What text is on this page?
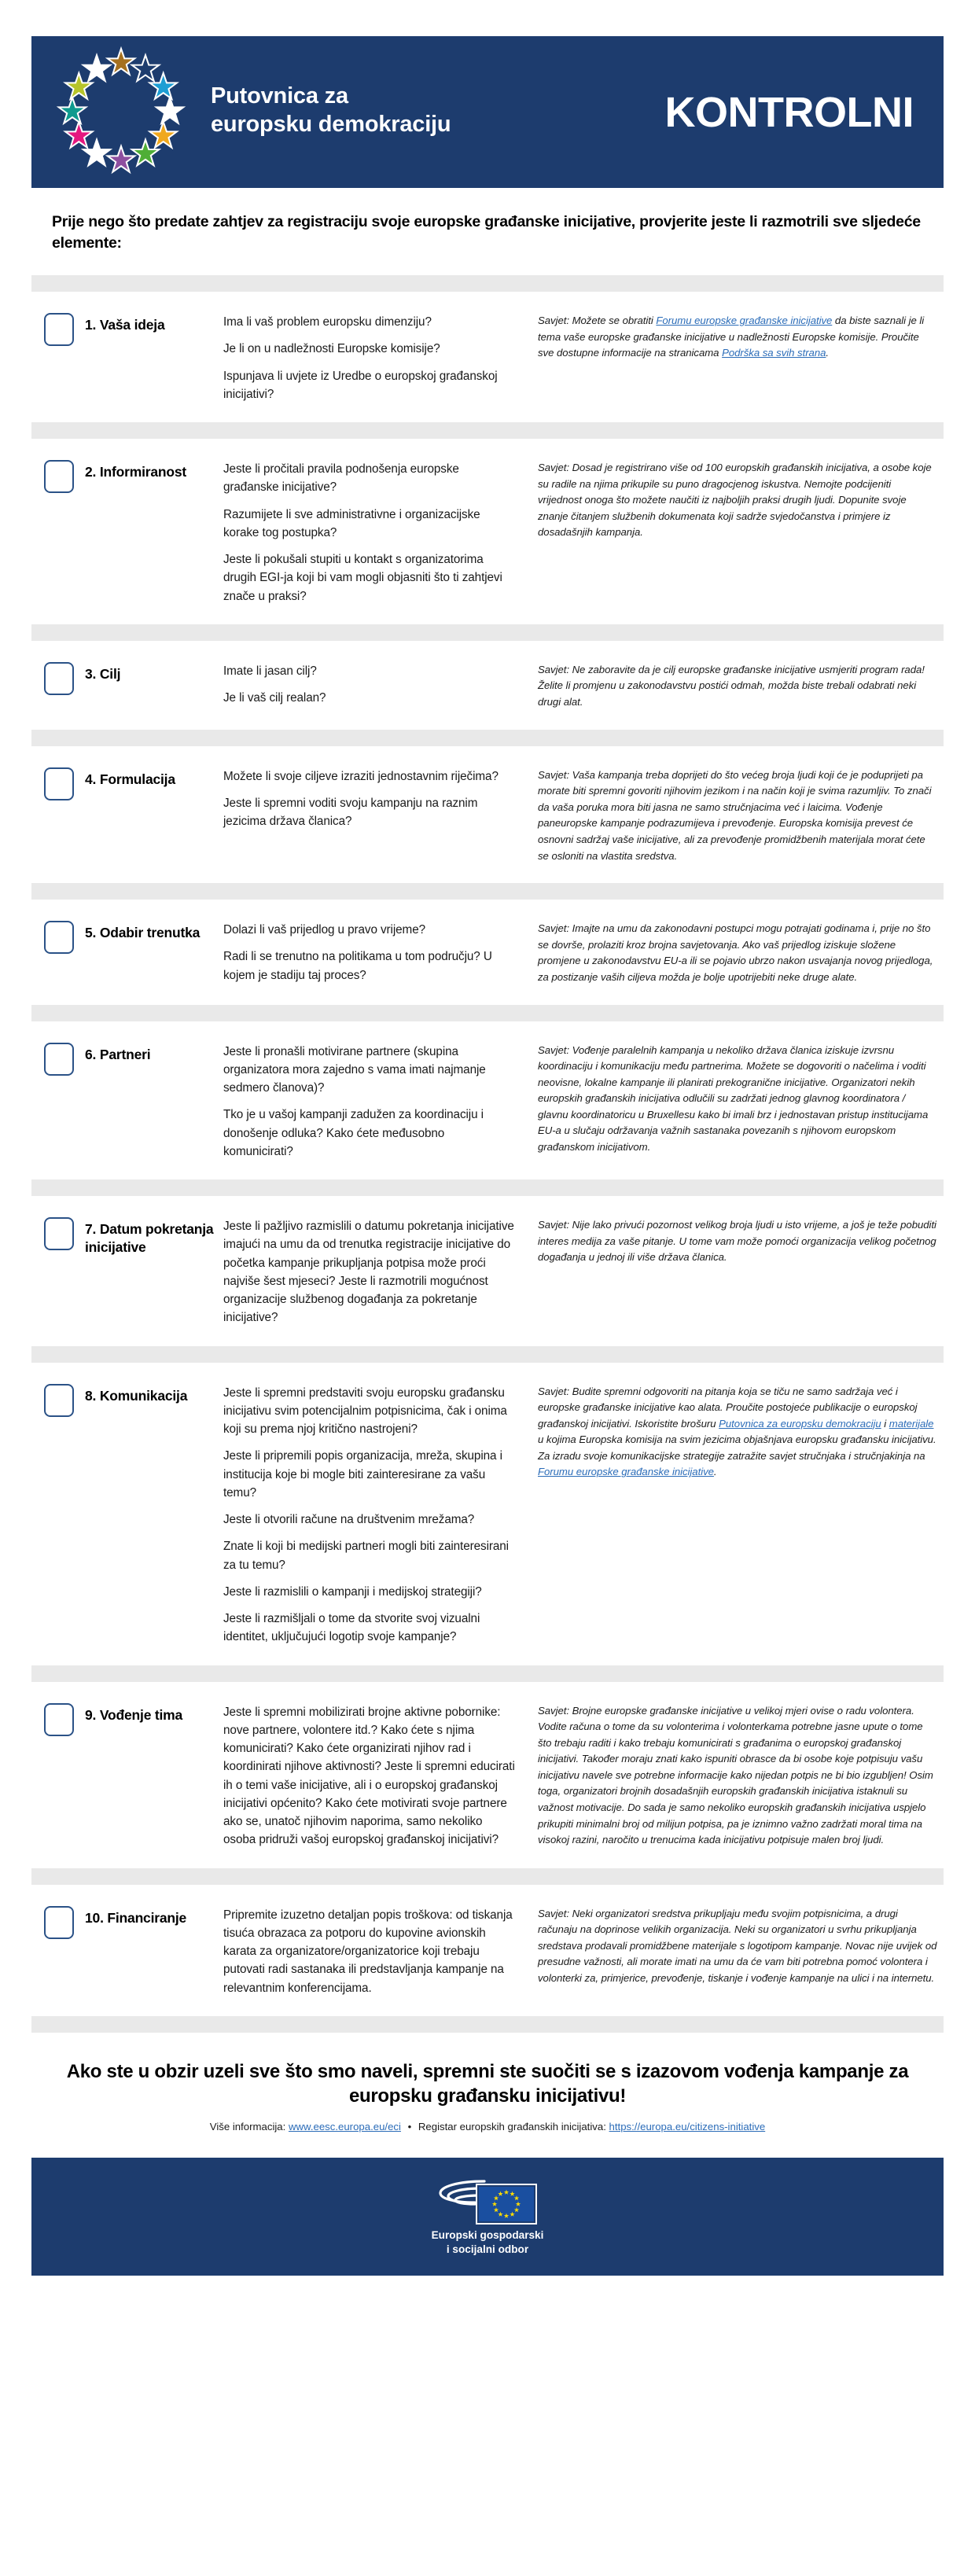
Putovnica za
europsku demokraciju	KONTROLNI

Prije nego što predate zahtjev za registraciju svoje europske građanske inicijative, provjerite jeste li razmotrili sve sljedeće elemente:

1. Vaša ideja	Ima li vaš problem europsku dimenziju?

Je li on u nadležnosti Europske komisije?

Ispunjava li uvjete iz Uredbe o europskoj građanskoj inicijativi?

Savjet: Možete se obratiti Forumu europske građanske inicijative da biste saznali je li tema vaše europske građanske inicijative u nadležnosti Europske komisije. Proučite sve dostupne informacije na stranicama Podrška sa svih strana.

2. Informiranost	Jeste li pročitali pravila podnošenja europske građanske inicijative?

Razumijete li sve administrativne i organizacijske korake tog postupka?

Jeste li pokušali stupiti u kontakt s organizatorima drugih EGI-ja koji bi vam mogli objasniti što ti zahtjevi znače u praksi?

Savjet: Dosad je registrirano više od 100 europskih građanskih inicijativa, a osobe koje su radile na njima prikupile su puno dragocjenog iskustva. Nemojte podcijeniti vrijednost onoga što možete naučiti iz najboljih praksi drugih ljudi. Dopunite svoje znanje čitanjem službenih dokumenata koji sadrže svjedočanstva i primjere iz dosadašnjih kampanja.

3. Cilj	Imate li jasan cilj?

Je li vaš cilj realan?

Savjet: Ne zaboravite da je cilj europske građanske inicijative usmjeriti program rada! Želite li promjenu u zakonodavstvu postići odmah, možda biste trebali odabrati neki drugi alat.

4. Formulacija	Možete li svoje ciljeve izraziti jednostavnim riječima?

Jeste li spremni voditi svoju kampanju na raznim jezicima država članica?

Savjet: Vaša kampanja treba doprijeti do što većeg broja ljudi koji će je poduprijeti pa morate biti spremni govoriti njihovim jezikom i na način koji je svima razumljiv. To znači da vaša poruka mora biti jasna ne samo stručnjacima već i laicima. Vođenje paneuropske kampanje podrazumijeva i prevođenje. Europska komisija prevest će osnovni sadržaj vaše inicijative, ali za prevođenje promidžbenih materijala morat ćete se osloniti na vlastita sredstva.

5. Odabir trenutka	Dolazi li vaš prijedlog u pravo vrijeme?

Radi li se trenutno na politikama u tom području? U kojem je stadiju taj proces?

Savjet: Imajte na umu da zakonodavni postupci mogu potrajati godinama i, prije no što se dovrše, prolaziti kroz brojna savjetovanja. Ako vaš prijedlog iziskuje složene promjene u zakonodavstvu EU-a ili se pojavio ubrzo nakon usvajanja novog prijedloga, za postizanje vaših ciljeva možda je bolje upotrijebiti neke druge alate.

6. Partneri	Jeste li pronašli motivirane partnere (skupina organizatora mora zajedno s vama imati najmanje sedmero članova)?

Tko je u vašoj kampanji zadužen za koordinaciju i donošenje odluka? Kako ćete međusobno komunicirati?

Savjet: Vođenje paralelnih kampanja u nekoliko država članica iziskuje izvrsnu koordinaciju i komunikaciju među partnerima. Možete se dogovoriti o načelima i voditi neovisne, lokalne kampanje ili planirati prekogranične inicijative. Organizatori nekih europskih građanskih inicijativa odlučili su zadržati jednog glavnog koordinatora / glavnu koordinatoricu u Bruxellesu kako bi imali brz i jednostavan pristup institucijama EU-a u slučaju održavanja važnih sastanaka povezanih s njihovom europskom građanskom inicijativom.

7. Datum pokretanja inicijative

Jeste li pažljivo razmislili o datumu pokretanja inicijative imajući na umu da od trenutka registracije inicijative do početka kampanje prikupljanja potpisa može proći najviše šest mjeseci? Jeste li razmotrili mogućnost organizacije službenog događanja za pokretanje inicijative?

Savjet: Nije lako privući pozornost velikog broja ljudi u isto vrijeme, a još je teže pobuditi interes medija za vaše pitanje. U tome vam može pomoći organizacija velikog početnog događanja u jednoj ili više država članica.

8. Komunikacija	Jeste li spremni predstaviti svoju europsku građansku inicijativu svim potencijalnim potpisnicima, čak i onima koji su prema njoj kritično nastrojeni?

Jeste li pripremili popis organizacija, mreža, skupina i institucija koje bi mogle biti zainteresirane za vašu temu?

Jeste li otvorili račune na društvenim mrežama?

Znate li koji bi medijski partneri mogli biti zainteresirani za tu temu?

Jeste li razmislili o kampanji i medijskoj strategiji?

Jeste li razmišljali o tome da stvorite svoj vizualni identitet, uključujući logotip svoje kampanje?

Savjet: Budite spremni odgovoriti na pitanja koja se tiču ne samo sadržaja već i europske građanske inicijative kao alata. Proučite postojeće publikacije o europskoj građanskoj inicijativi. Iskoristite brošuru Putovnica za europsku demokraciju i materijale u kojima Europska komisija na svim jezicima objašnjava europsku građansku inicijativu. Za izradu svoje komunikacijske strategije zatražite savjet stručnjaka i stručnjakinja na Forumu europske građanske inicijative.

9. Vođenje tima	Jeste li spremni mobilizirati brojne aktivne pobornike: nove partnere, volontere itd.? Kako ćete s njima komunicirati? Kako ćete organizirati njihov rad i koordinirati njihove aktivnosti? Jeste li spremni educirati ih o temi vaše inicijative, ali i o europskoj građanskoj inicijativi općenito? Kako ćete motivirati svoje partnere ako se, unatoč njihovim naporima, samo nekoliko osoba pridruži vašoj europskoj građanskoj inicijativi?

Savjet: Brojne europske građanske inicijative u velikoj mjeri ovise o radu volontera. Vodite računa o tome da su volonterima i volonterkama potrebne jasne upute o tome što trebaju raditi i kako trebaju komunicirati s građanima o europskoj građanskoj inicijativi. Također moraju znati kako ispuniti obrasce da bi osobe koje potpisuju vašu inicijativu navele sve potrebne informacije kako nijedan potpis ne bi bio izgubljen! Osim toga, organizatori brojnih dosadašnjih europskih građanskih inicijativa istaknuli su važnost motivacije. Do sada je samo nekoliko europskih građanskih inicijativa uspjelo prikupiti minimalni broj od milijun potpisa, pa je iznimno važno zadržati moral tima na visokoj razini, naročito u trenucima kada inicijativu potpisuje malen broj ljudi.

10. Financiranje	Pripremite izuzetno detaljan popis troškova: od tiskanja tisuća obrazaca za potporu do kupovine avionskih karata za organizatore/organizatorice koji trebaju putovati radi sastanaka ili predstavljanja kampanje na relevantnim konferencijama.

Savjet: Neki organizatori sredstva prikupljaju među svojim potpisnicima, a drugi računaju na doprinose velikih organizacija. Neki su organizatori u svrhu prikupljanja sredstava prodavali promidžbene materijale s logotipom kampanje. Novac nije uvijek od presudne važnosti, ali morate imati na umu da će vam biti potrebna pomoć volontera i volonterki za, primjerice, prevođenje, tiskanje i vođenje kampanje na ulici i na internetu.

Ako ste u obzir uzeli sve što smo naveli, spremni ste suočiti se s izazovom vođenja kampanje za europsku građansku inicijativu!

Više informacija: www.eesc.europa.eu/eci • Registar europskih građanskih inicijativa: https://europa.eu/citizens-initiative

Europski gospodarski
i socijalni odbor
